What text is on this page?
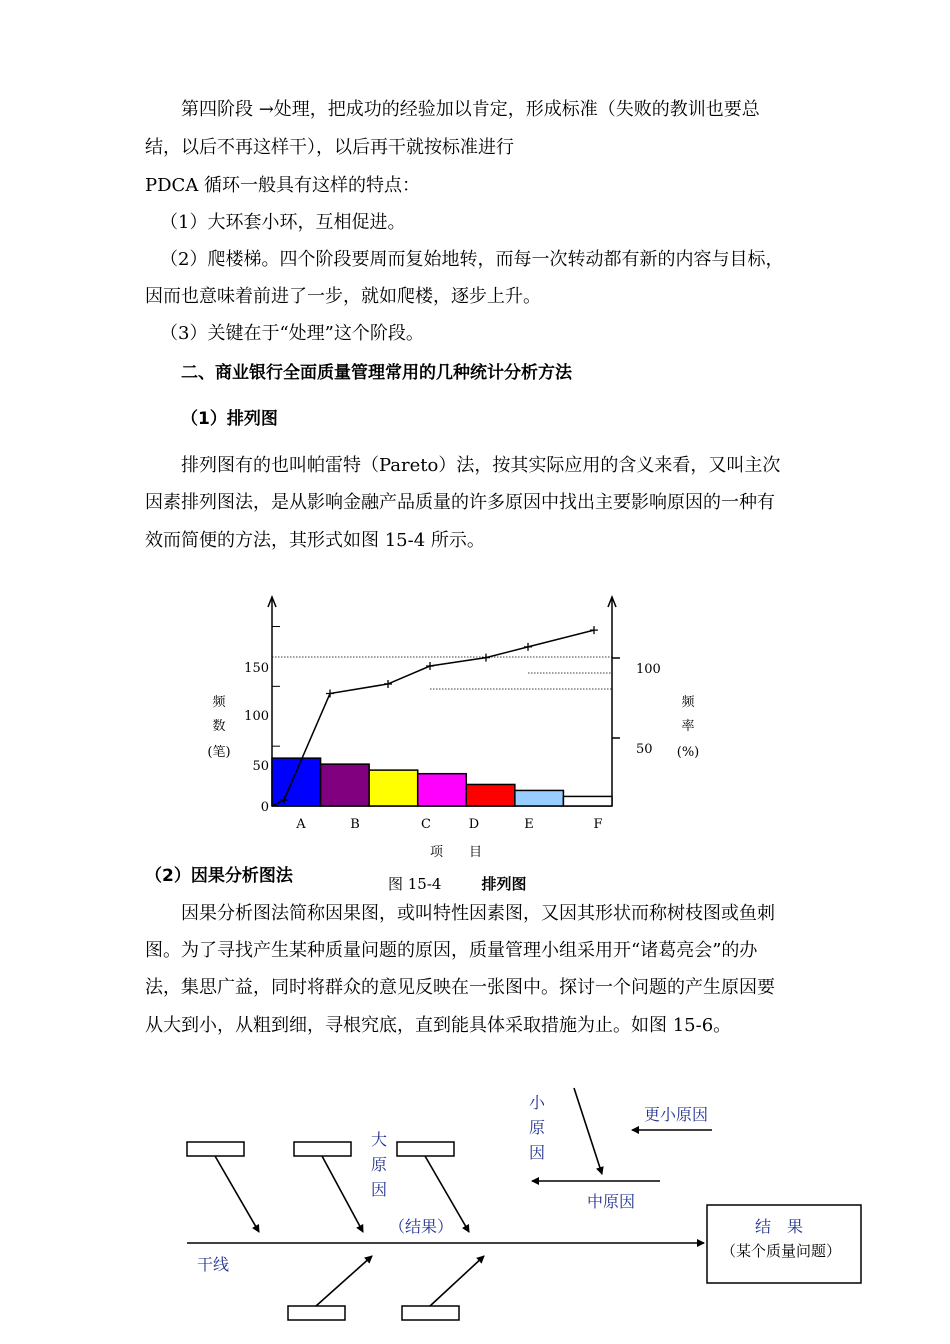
第四阶段 →处理，把成功的经验加以肯定，形成标准（失败的教训也要总
结，以后不再这样干），以后再干就按标准进行
PDCA 循环一般具有这样的特点：
（1）大环套小环，互相促进。
（2）爬楼梯。四个阶段要周而复始地转，而每一次转动都有新的内容与目标，
因而也意味着前进了一步，就如爬楼，逐步上升。
（3）关键在于“处理”这个阶段。
二、商业银行全面质量管理常用的几种统计分析方法
（1）排列图
排列图有的也叫帕雷特（Pareto）法，按其实际应用的含义来看，又叫主次
因素排列图法，是从影响金融产品质量的许多原因中找出主要影响原因的一种有
效而简便的方法，其形式如图 15-4 所示。
0
50
100
150
50
100
频
数
(笔)
频
率
(%)
A	B	C	D	E	F
项　　目
（2）因果分析图法	图 15-4	排列图
因果分析图法简称因果图，或叫特性因素图，又因其形状而称树枝图或鱼刺
图。为了寻找产生某种质量问题的原因，质量管理小组采用开“诸葛亮会”的办
法，集思广益，同时将群众的意见反映在一张图中。探讨一个问题的产生原因要
从大到小，从粗到细，寻根究底，直到能具体采取措施为止。如图 15-6。
干线
大
原
因
小
原
因
中原因
更小原因
（结果）	结　果
（某个质量问题）
